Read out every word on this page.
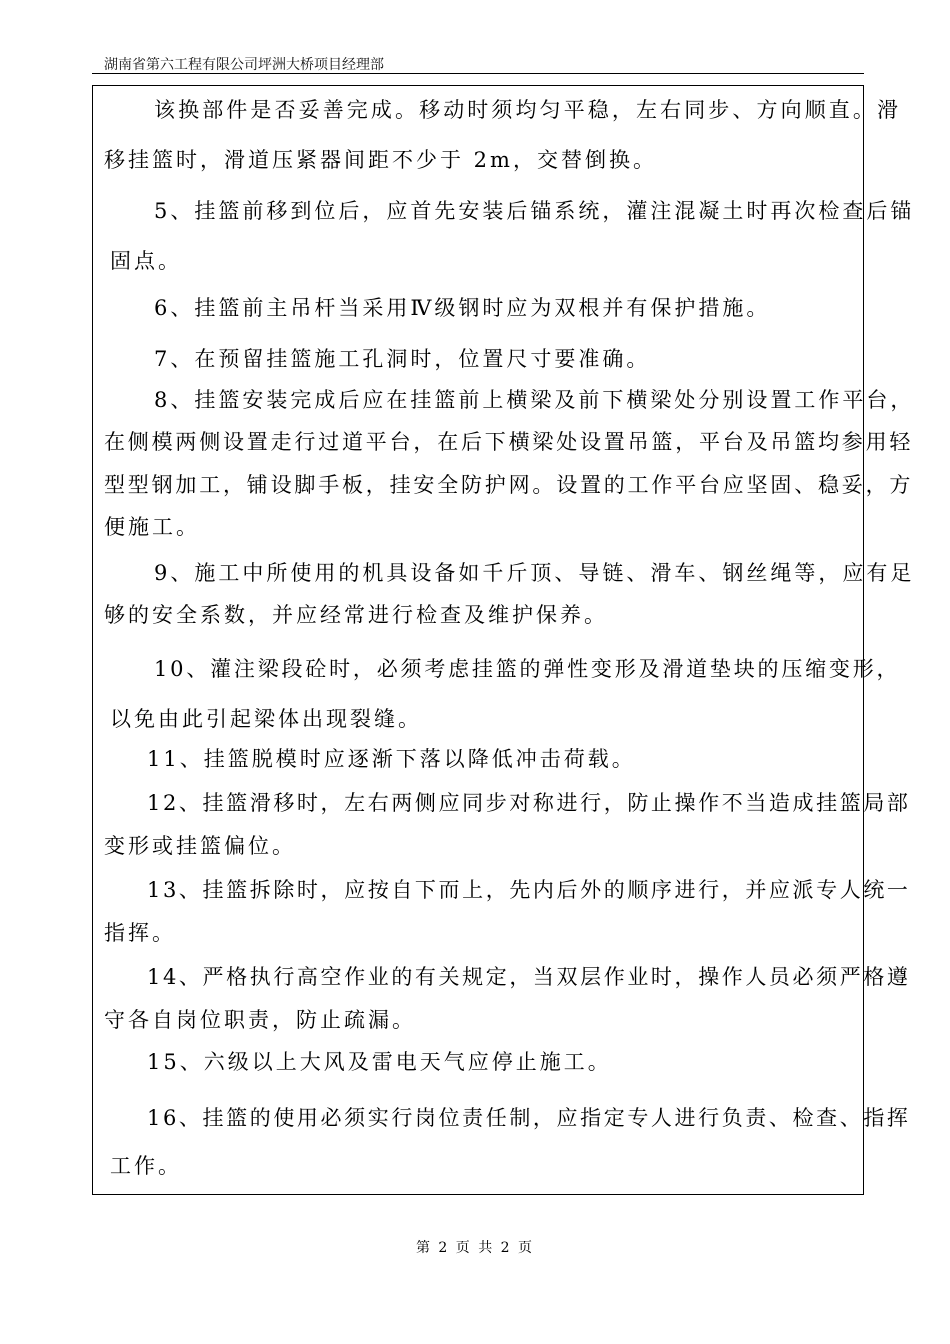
湖南省第六工程有限公司坪洲大桥项目经理部
该换部件是否妥善完成。移动时须均匀平稳，左右同步、方向顺直。滑
移挂篮时，滑道压紧器间距不少于 2m，交替倒换。
5、挂篮前移到位后，应首先安装后锚系统，灌注混凝土时再次检查后锚
固点。
6、挂篮前主吊杆当采用Ⅳ级钢时应为双根并有保护措施。
7、在预留挂篮施工孔洞时，位置尺寸要准确。
8、挂篮安装完成后应在挂篮前上横梁及前下横梁处分别设置工作平台，
在侧模两侧设置走行过道平台，在后下横梁处设置吊篮，平台及吊篮均参用轻
型型钢加工，铺设脚手板，挂安全防护网。设置的工作平台应坚固、稳妥，方
便施工。
9、施工中所使用的机具设备如千斤顶、导链、滑车、钢丝绳等，应有足
够的安全系数，并应经常进行检查及维护保养。
10、灌注梁段砼时，必须考虑挂篮的弹性变形及滑道垫块的压缩变形，
以免由此引起梁体出现裂缝。
11、挂篮脱模时应逐渐下落以降低冲击荷载。
12、挂篮滑移时，左右两侧应同步对称进行，防止操作不当造成挂篮局部
变形或挂篮偏位。
13、挂篮拆除时，应按自下而上，先内后外的顺序进行，并应派专人统一
指挥。
14、严格执行高空作业的有关规定，当双层作业时，操作人员必须严格遵
守各自岗位职责，防止疏漏。
15、六级以上大风及雷电天气应停止施工。
16、挂篮的使用必须实行岗位责任制，应指定专人进行负责、检查、指挥
工作。
第 2 页 共 2 页
